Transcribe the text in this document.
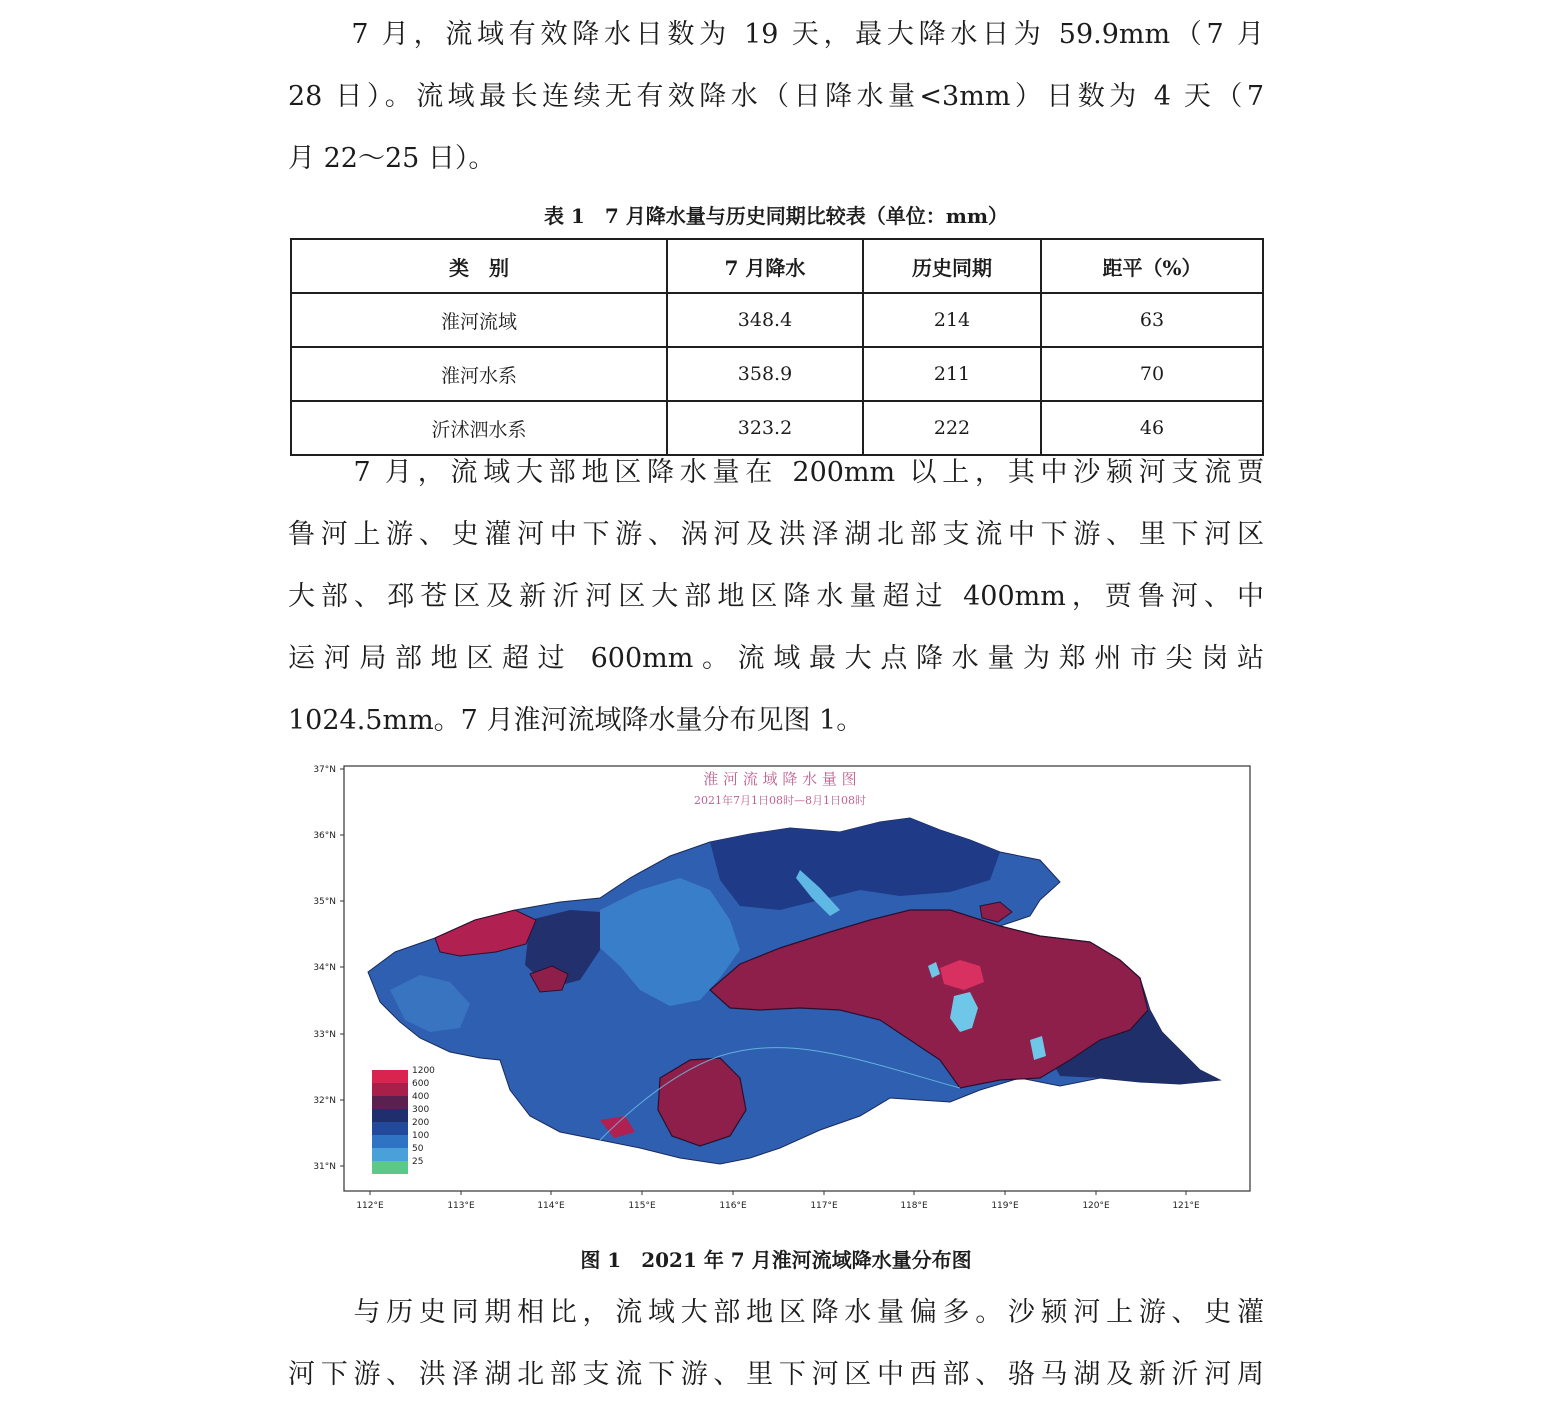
　　7 月，流域有效降水日数为 19 天，最大降水日为 59.9mm（7 月
28 日）。流域最长连续无有效降水（日降水量<3mm）日数为 4 天（7
月 22～25 日）。
表 1　7 月降水量与历史同期比较表（单位：mm）
类　别	7 月降水	历史同期	距平（%）
淮河流域	348.4	214	63
淮河水系	358.9	211	70
沂沭泗水系	323.2	222	46
　　7 月，流域大部地区降水量在 200mm 以上，其中沙颍河支流贾
鲁河上游、史灌河中下游、涡河及洪泽湖北部支流中下游、里下河区
大部、邳苍区及新沂河区大部地区降水量超过 400mm，贾鲁河、中
运河局部地区超过 600mm。流域最大点降水量为郑州市尖岗站
1024.5mm。7 月淮河流域降水量分布见图 1。
37°N
36°N
35°N
34°N
33°N
32°N
31°N
112°E	113°E	114°E	115°E	116°E	117°E	118°E	119°E	120°E	121°E
淮 河 流 域 降 水 量 图
2021年7月1日08时—8月1日08时
1200
600
400
300
200
100
50
25
图 1　2021 年 7 月淮河流域降水量分布图
　　与历史同期相比，流域大部地区降水量偏多。沙颍河上游、史灌
河下游、洪泽湖北部支流下游、里下河区中西部、骆马湖及新沂河周
